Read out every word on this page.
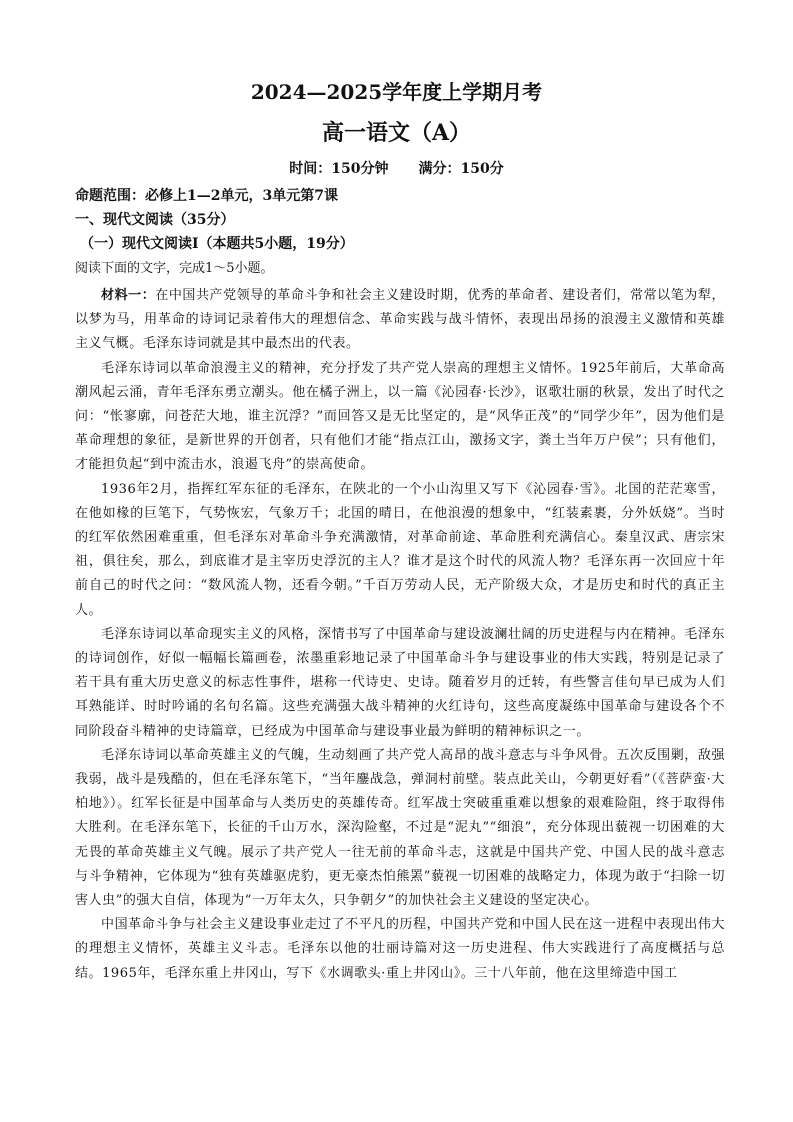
2024—2025学年度上学期月考
高一语文（A）
时间：150分钟 满分：150分
命题范围：必修上1—2单元，3单元第7课
一、现代文阅读（35分）
（一）现代文阅读Ⅰ（本题共5小题，19分）
阅读下面的文字，完成1～5小题。

材料一：在中国共产党领导的革命斗争和社会主义建设时期，优秀的革命者、建设者们，常常以笔为犁，以梦为马，用革命的诗词记录着伟大的理想信念、革命实践与战斗情怀，表现出昂扬的浪漫主义激情和英雄主义气概。毛泽东诗词就是其中最杰出的代表。

毛泽东诗词以革命浪漫主义的精神，充分抒发了共产党人崇高的理想主义情怀。1925年前后，大革命高潮风起云涌，青年毛泽东勇立潮头。他在橘子洲上，以一篇《沁园春·长沙》，讴歌壮丽的秋景，发出了时代之问：“怅寥廓，问苍茫大地，谁主沉浮？”而回答又是无比坚定的，是“风华正茂”的“同学少年”，因为他们是革命理想的象征，是新世界的开创者，只有他们才能“指点江山，激扬文字，粪土当年万户侯”；只有他们，才能担负起“到中流击水，浪遏飞舟”的崇高使命。

1936年2月，指挥红军东征的毛泽东，在陕北的一个小山沟里又写下《沁园春·雪》。北国的茫茫寒雪，在他如椽的巨笔下，气势恢宏，气象万千；北国的晴日，在他浪漫的想象中，“红装素裹，分外妖娆”。当时的红军依然困难重重，但毛泽东对革命斗争充满激情，对革命前途、革命胜利充满信心。秦皇汉武、唐宗宋祖，俱往矣，那么，到底谁才是主宰历史浮沉的主人？谁才是这个时代的风流人物？毛泽东再一次回应十年前自己的时代之问：“数风流人物，还看今朝。”千百万劳动人民，无产阶级大众，才是历史和时代的真正主人。

毛泽东诗词以革命现实主义的风格，深情书写了中国革命与建设波澜壮阔的历史进程与内在精神。毛泽东的诗词创作，好似一幅幅长篇画卷，浓墨重彩地记录了中国革命斗争与建设事业的伟大实践，特别是记录了若干具有重大历史意义的标志性事件，堪称一代诗史、史诗。随着岁月的迁转，有些警言佳句早已成为人们耳熟能详、时时吟诵的名句名篇。这些充满强大战斗精神的火红诗句，这些高度凝练中国革命与建设各个不同阶段奋斗精神的史诗篇章，已经成为中国革命与建设事业最为鲜明的精神标识之一。

毛泽东诗词以革命英雄主义的气魄，生动刻画了共产党人高昂的战斗意志与斗争风骨。五次反围剿，敌强我弱，战斗是残酷的，但在毛泽东笔下，“当年鏖战急，弹洞村前壁。装点此关山，今朝更好看”（《菩萨蛮·大柏地》）。红军长征是中国革命与人类历史的英雄传奇。红军战士突破重重难以想象的艰难险阻，终于取得伟大胜利。在毛泽东笔下，长征的千山万水，深沟险壑，不过是“泥丸”“细浪”，充分体现出藐视一切困难的大无畏的革命英雄主义气魄。展示了共产党人一往无前的革命斗志，这就是中国共产党、中国人民的战斗意志与斗争精神，它体现为“独有英雄驱虎豹，更无豪杰怕熊罴”藐视一切困难的战略定力，体现为敢于“扫除一切害人虫”的强大自信，体现为“一万年太久，只争朝夕”的加快社会主义建设的坚定决心。

中国革命斗争与社会主义建设事业走过了不平凡的历程，中国共产党和中国人民在这一进程中表现出伟大的理想主义情怀，英雄主义斗志。毛泽东以他的壮丽诗篇对这一历史进程、伟大实践进行了高度概括与总结。1965年，毛泽东重上井冈山，写下《水调歌头·重上井冈山》。三十八年前，他在这里缔造中国工
